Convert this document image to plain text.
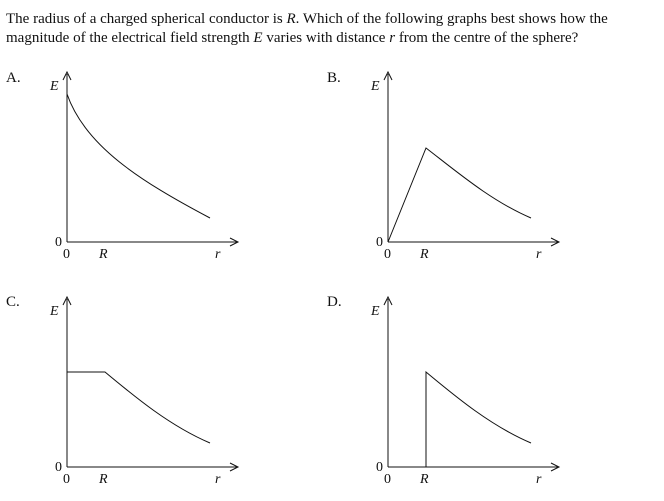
The radius of a charged spherical conductor is R. Which of the following graphs best shows how the magnitude of the electrical field strength E varies with distance r from the centre of the sphere?

A.
E
0
0 R	r
B.
E
0
0 R	r
C.
E
0
0 R	r
D.
E
0
0 R	r
